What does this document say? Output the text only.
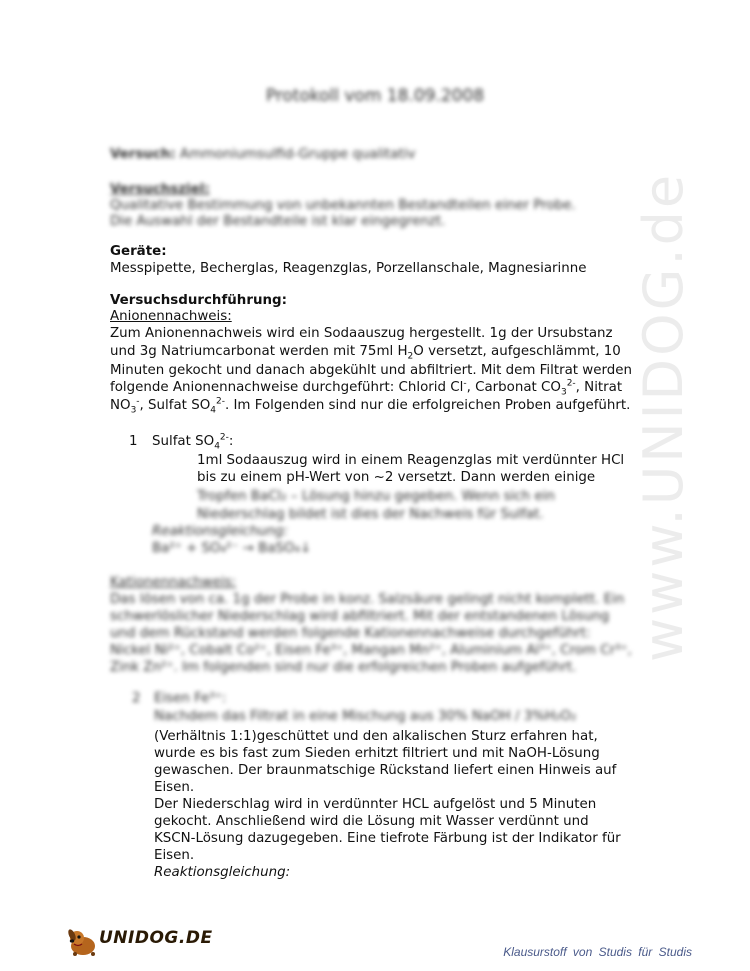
Protokoll vom 18.09.2008
Versuch: Ammoniumsulfid-Gruppe qualitativ
Versuchsziel:
Qualitative Bestimmung von unbekannten Bestandteilen einer Probe.
Die Auswahl der Bestandteile ist klar eingegrenzt.
Geräte:
Messpipette, Becherglas, Reagenzglas, Porzellanschale, Magnesiarinne
Versuchsdurchführung:
Anionennachweis:
Zum Anionennachweis wird ein Sodaauszug hergestellt. 1g der Ursubstanz
und 3g Natriumcarbonat werden mit 75ml $H_2O$ versetzt, aufgeschlämmt, 10
Minuten gekocht und danach abgekühlt und abfiltriert. Mit dem Filtrat werden
folgende Anionennachweise durchgeführt: Chlorid Cl-, Carbonat $CO_3^{2-}$, Nitrat
$NO_3^-$, Sulfat $SO_4^{2-}$. Im Folgenden sind nur die erfolgreichen Proben aufgeführt.
1 Sulfat $SO_4^{2-}$:
1ml Sodaauszug wird in einem Reagenzglas mit verdünnter HCl
bis zu einem pH-Wert von ~2 versetzt. Dann werden einige
Tropfen BaCl₂ – Lösung hinzu gegeben. Wenn sich ein
Niederschlag bildet ist dies der Nachweis für Sulfat.
Reaktionsgleichung:
Ba²⁺ + SO₄²⁻ → BaSO₄↓
Kationennachweis:
Das lösen von ca. 1g der Probe in konz. Salzsäure gelingt nicht komplett. Ein
schwerlöslicher Niederschlag wird abfiltriert. Mit der entstandenen Lösung
und dem Rückstand werden folgende Kationennachweise durchgeführt:
Nickel Ni²⁺, Cobalt Co²⁺, Eisen Fe³⁺, Mangan Mn²⁺, Aluminium Al³⁺, Crom Cr³⁺,
Zink Zn²⁺. Im folgenden sind nur die erfolgreichen Proben aufgeführt.
2 Eisen Fe³⁺:
Nachdem das Filtrat in eine Mischung aus 30% NaOH / 3%H₂O₂
(Verhältnis 1:1)geschüttet und den alkalischen Sturz erfahren hat,
wurde es bis fast zum Sieden erhitzt filtriert und mit NaOH-Lösung
gewaschen. Der braunmatschige Rückstand liefert einen Hinweis auf
Eisen.
Der Niederschlag wird in verdünnter HCL aufgelöst und 5 Minuten
gekocht. Anschließend wird die Lösung mit Wasser verdünnt und
KSCN-Lösung dazugegeben. Eine tiefrote Färbung ist der Indikator für
Eisen.
Reaktionsgleichung:
www.UNIDOG.de
UNIDOG.DE
Klausurstoff von Studis für Studis
